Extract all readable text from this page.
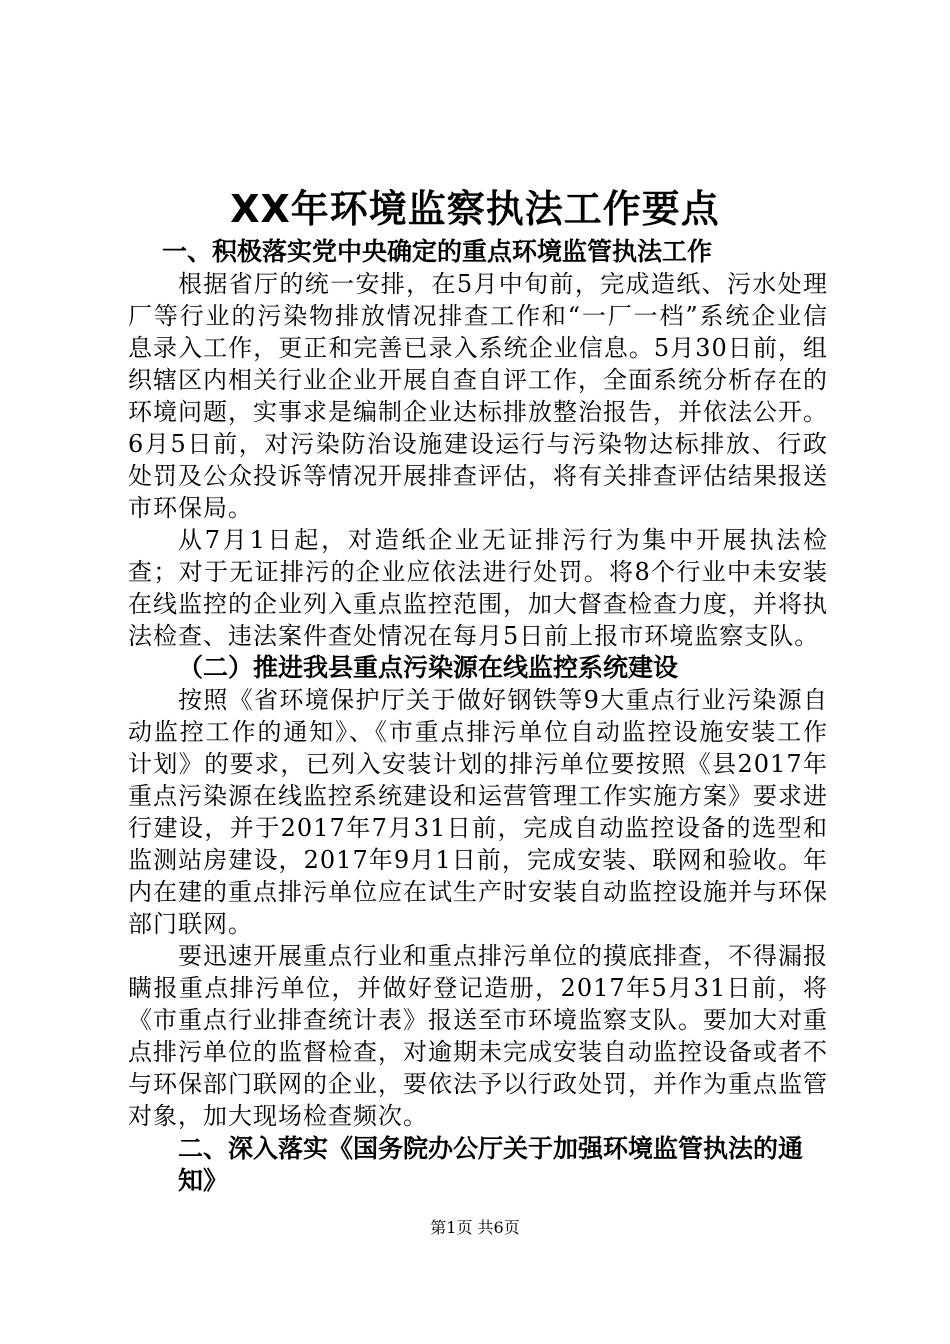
XX年环境监察执法工作要点

一、积极落实党中央确定的重点环境监管执法工作

根据省厅的统一安排，在5月中旬前，完成造纸、污水处理厂等行业的污染物排放情况排查工作和“一厂一档”系统企业信息录入工作，更正和完善已录入系统企业信息。5月30日前，组织辖区内相关行业企业开展自查自评工作，全面系统分析存在的环境问题，实事求是编制企业达标排放整治报告，并依法公开。6月5日前，对污染防治设施建设运行与污染物达标排放、行政处罚及公众投诉等情况开展排查评估，将有关排查评估结果报送市环保局。

从7月1日起，对造纸企业无证排污行为集中开展执法检查；对于无证排污的企业应依法进行处罚。将8个行业中未安装在线监控的企业列入重点监控范围，加大督查检查力度，并将执法检查、违法案件查处情况在每月5日前上报市环境监察支队。

（二）推进我县重点污染源在线监控系统建设

按照《省环境保护厅关于做好钢铁等9大重点行业污染源自动监控工作的通知》、《市重点排污单位自动监控设施安装工作计划》的要求，已列入安装计划的排污单位要按照《县2017年重点污染源在线监控系统建设和运营管理工作实施方案》要求进行建设，并于2017年7月31日前，完成自动监控设备的选型和监测站房建设，2017年9月1日前，完成安装、联网和验收。年内在建的重点排污单位应在试生产时安装自动监控设施并与环保部门联网。

要迅速开展重点行业和重点排污单位的摸底排查，不得漏报瞒报重点排污单位，并做好登记造册，2017年5月31日前，将《市重点行业排查统计表》报送至市环境监察支队。要加大对重点排污单位的监督检查，对逾期未完成安装自动监控设备或者不与环保部门联网的企业，要依法予以行政处罚，并作为重点监管对象，加大现场检查频次。

二、深入落实《国务院办公厅关于加强环境监管执法的通知》

第1页 共6页
